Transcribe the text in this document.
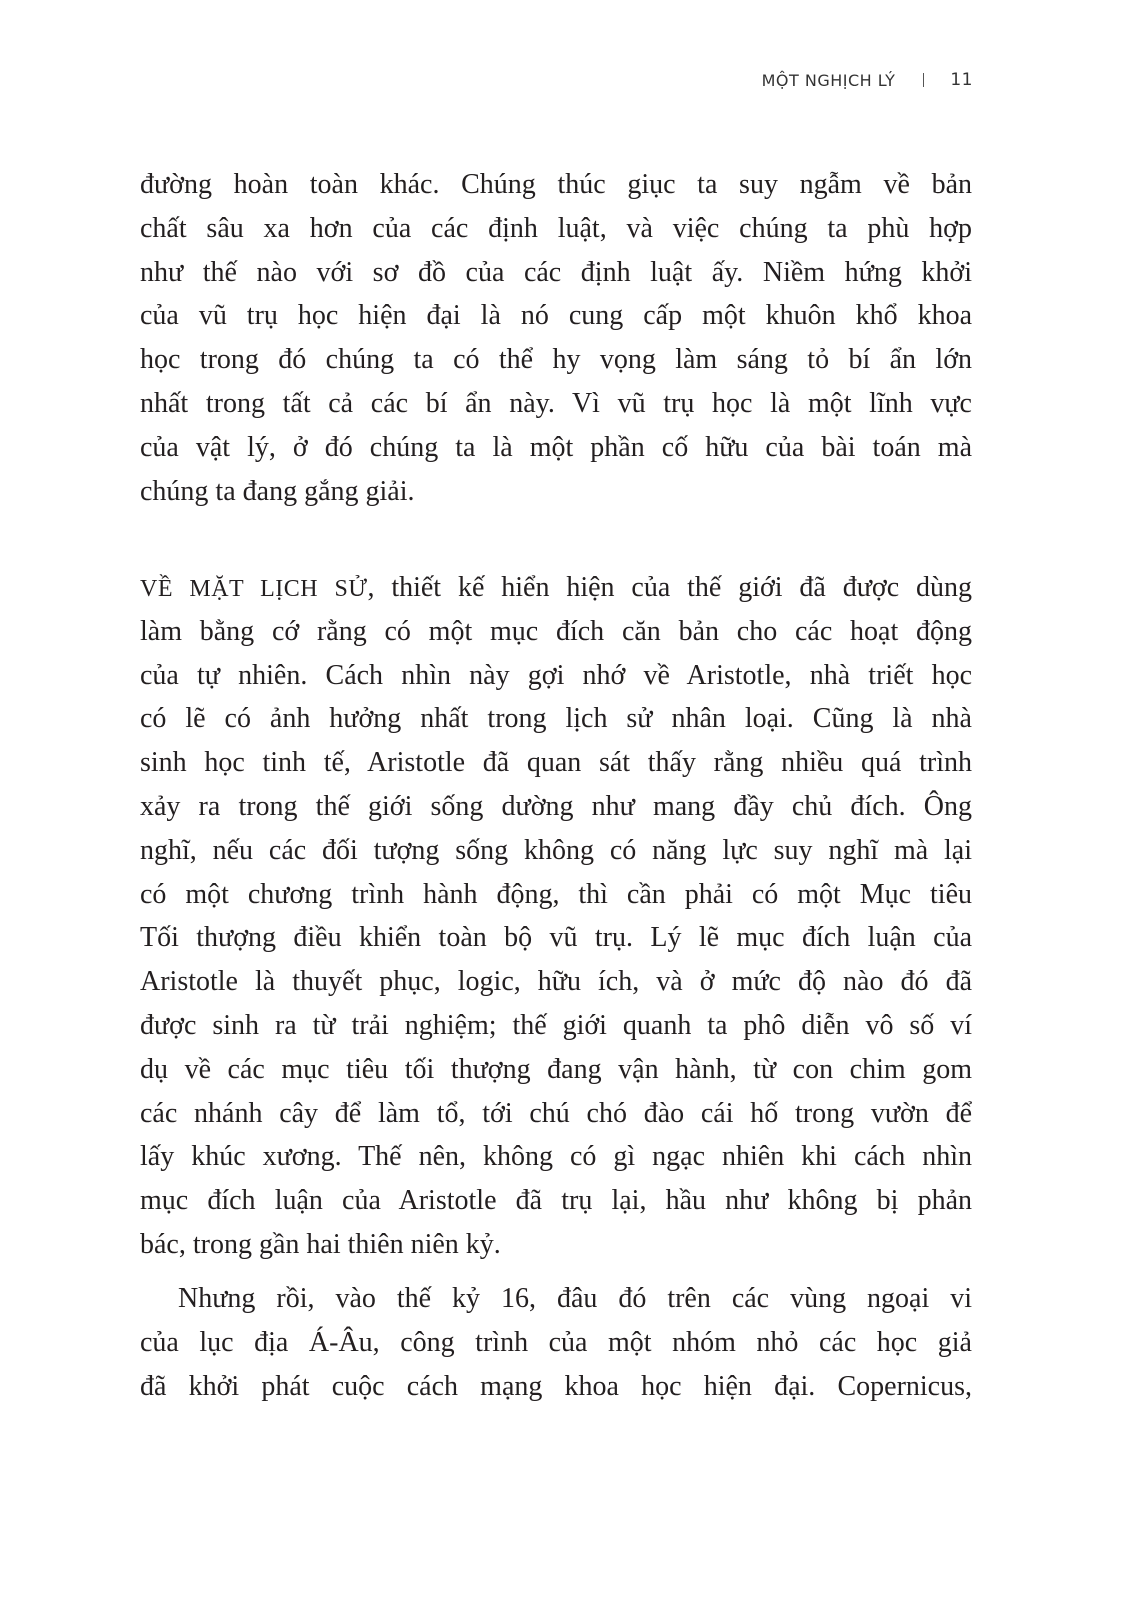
MỘT NGHỊCH LÝ	11
đường hoàn toàn khác. Chúng thúc giục ta suy ngẫm về bản
chất sâu xa hơn của các định luật, và việc chúng ta phù hợp
như thế nào với sơ đồ của các định luật ấy. Niềm hứng khởi
của vũ trụ học hiện đại là nó cung cấp một khuôn khổ khoa
học trong đó chúng ta có thể hy vọng làm sáng tỏ bí ẩn lớn
nhất trong tất cả các bí ẩn này. Vì vũ trụ học là một lĩnh vực
của vật lý, ở đó chúng ta là một phần cố hữu của bài toán mà
chúng ta đang gắng giải.
VỀ MẶT LỊCH SỬ, thiết kế hiển hiện của thế giới đã được dùng
làm bằng cớ rằng có một mục đích căn bản cho các hoạt động
của tự nhiên. Cách nhìn này gợi nhớ về Aristotle, nhà triết học
có lẽ có ảnh hưởng nhất trong lịch sử nhân loại. Cũng là nhà
sinh học tinh tế, Aristotle đã quan sát thấy rằng nhiều quá trình
xảy ra trong thế giới sống dường như mang đầy chủ đích. Ông
nghĩ, nếu các đối tượng sống không có năng lực suy nghĩ mà lại
có một chương trình hành động, thì cần phải có một Mục tiêu
Tối thượng điều khiển toàn bộ vũ trụ. Lý lẽ mục đích luận của
Aristotle là thuyết phục, logic, hữu ích, và ở mức độ nào đó đã
được sinh ra từ trải nghiệm; thế giới quanh ta phô diễn vô số ví
dụ về các mục tiêu tối thượng đang vận hành, từ con chim gom
các nhánh cây để làm tổ, tới chú chó đào cái hố trong vườn để
lấy khúc xương. Thế nên, không có gì ngạc nhiên khi cách nhìn
mục đích luận của Aristotle đã trụ lại, hầu như không bị phản
bác, trong gần hai thiên niên kỷ.
Nhưng rồi, vào thế kỷ 16, đâu đó trên các vùng ngoại vi
của lục địa Á-Âu, công trình của một nhóm nhỏ các học giả
đã khởi phát cuộc cách mạng khoa học hiện đại. Copernicus,
